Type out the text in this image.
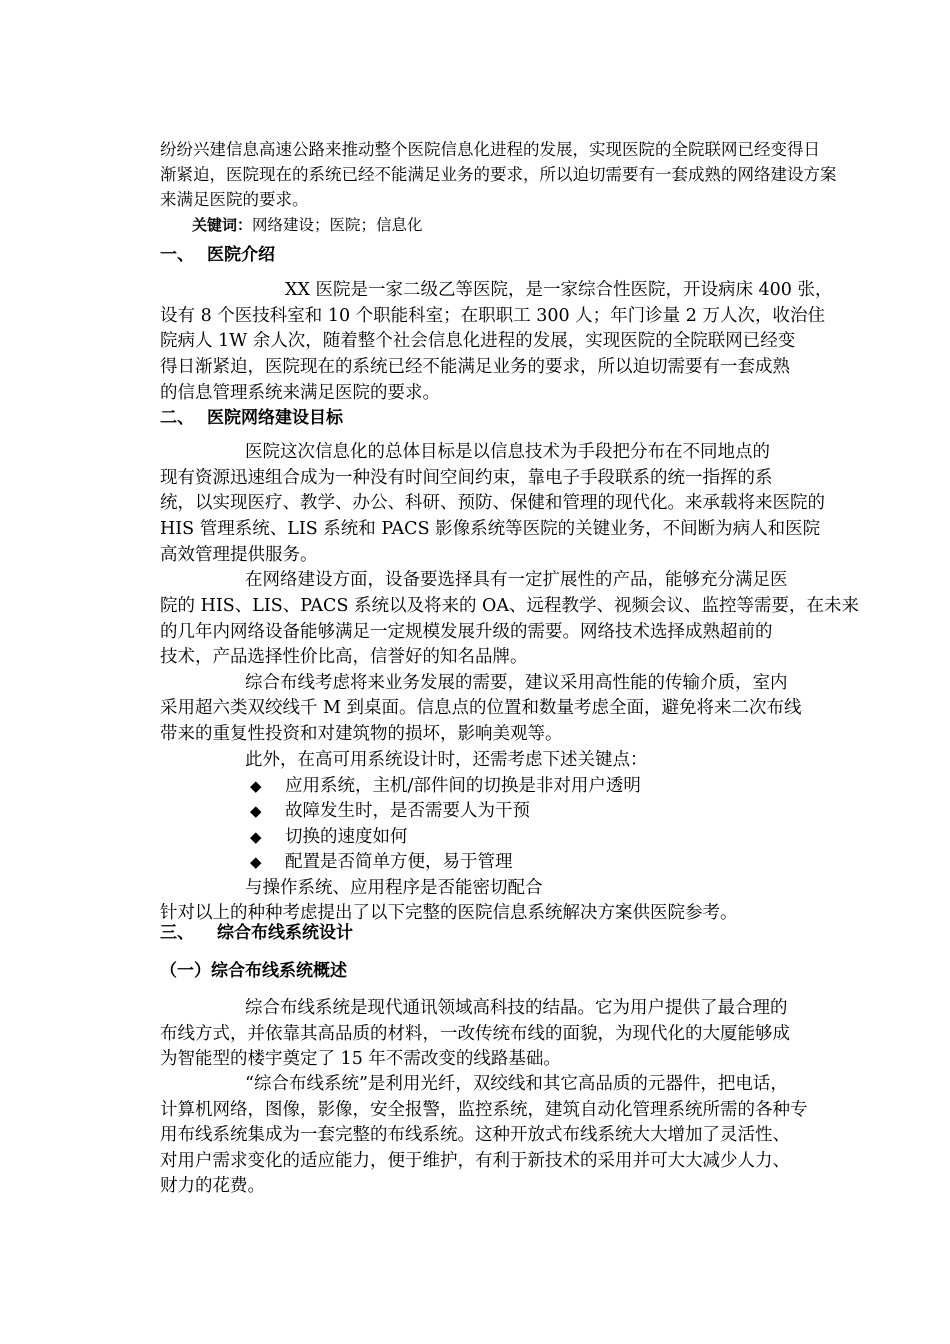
纷纷兴建信息高速公路来推动整个医院信息化进程的发展，实现医院的全院联网已经变得日
渐紧迫，医院现在的系统已经不能满足业务的要求，所以迫切需要有一套成熟的网络建设方案
来满足医院的要求。
关键词：网络建设；医院；信息化
一、 医院介绍
XX 医院是一家二级乙等医院，是一家综合性医院，开设病床 400 张，
设有 8 个医技科室和 10 个职能科室；在职职工 300 人；年门诊量 2 万人次，收治住
院病人 1W 余人次，随着整个社会信息化进程的发展，实现医院的全院联网已经变
得日渐紧迫，医院现在的系统已经不能满足业务的要求，所以迫切需要有一套成熟
的信息管理系统来满足医院的要求。
二、 医院网络建设目标
医院这次信息化的总体目标是以信息技术为手段把分布在不同地点的
现有资源迅速组合成为一种没有时间空间约束，靠电子手段联系的统一指挥的系
统，以实现医疗、教学、办公、科研、预防、保健和管理的现代化。来承载将来医院的
HIS 管理系统、LIS 系统和 PACS 影像系统等医院的关键业务，不间断为病人和医院
高效管理提供服务。
在网络建设方面，设备要选择具有一定扩展性的产品，能够充分满足医
院的 HIS、LIS、PACS 系统以及将来的 OA、远程教学、视频会议、监控等需要，在未来
的几年内网络设备能够满足一定规模发展升级的需要。网络技术选择成熟超前的
技术，产品选择性价比高，信誉好的知名品牌。
综合布线考虑将来业务发展的需要，建议采用高性能的传输介质，室内
采用超六类双绞线千 M 到桌面。信息点的位置和数量考虑全面，避免将来二次布线
带来的重复性投资和对建筑物的损坏，影响美观等。
此外，在高可用系统设计时，还需考虑下述关键点：
◆ 应用系统，主机/部件间的切换是非对用户透明
◆ 故障发生时，是否需要人为干预
◆ 切换的速度如何
◆ 配置是否简单方便，易于管理
与操作系统、应用程序是否能密切配合
针对以上的种种考虑提出了以下完整的医院信息系统解决方案供医院参考。
三、 综合布线系统设计
（一）综合布线系统概述
综合布线系统是现代通讯领域高科技的结晶。它为用户提供了最合理的
布线方式，并依靠其高品质的材料，一改传统布线的面貌，为现代化的大厦能够成
为智能型的楼宇奠定了 15 年不需改变的线路基础。
“综合布线系统”是利用光纤，双绞线和其它高品质的元器件，把电话，
计算机网络，图像，影像，安全报警，监控系统，建筑自动化管理系统所需的各种专
用布线系统集成为一套完整的布线系统。这种开放式布线系统大大增加了灵活性、
对用户需求变化的适应能力，便于维护，有利于新技术的采用并可大大减少人力、
财力的花费。
